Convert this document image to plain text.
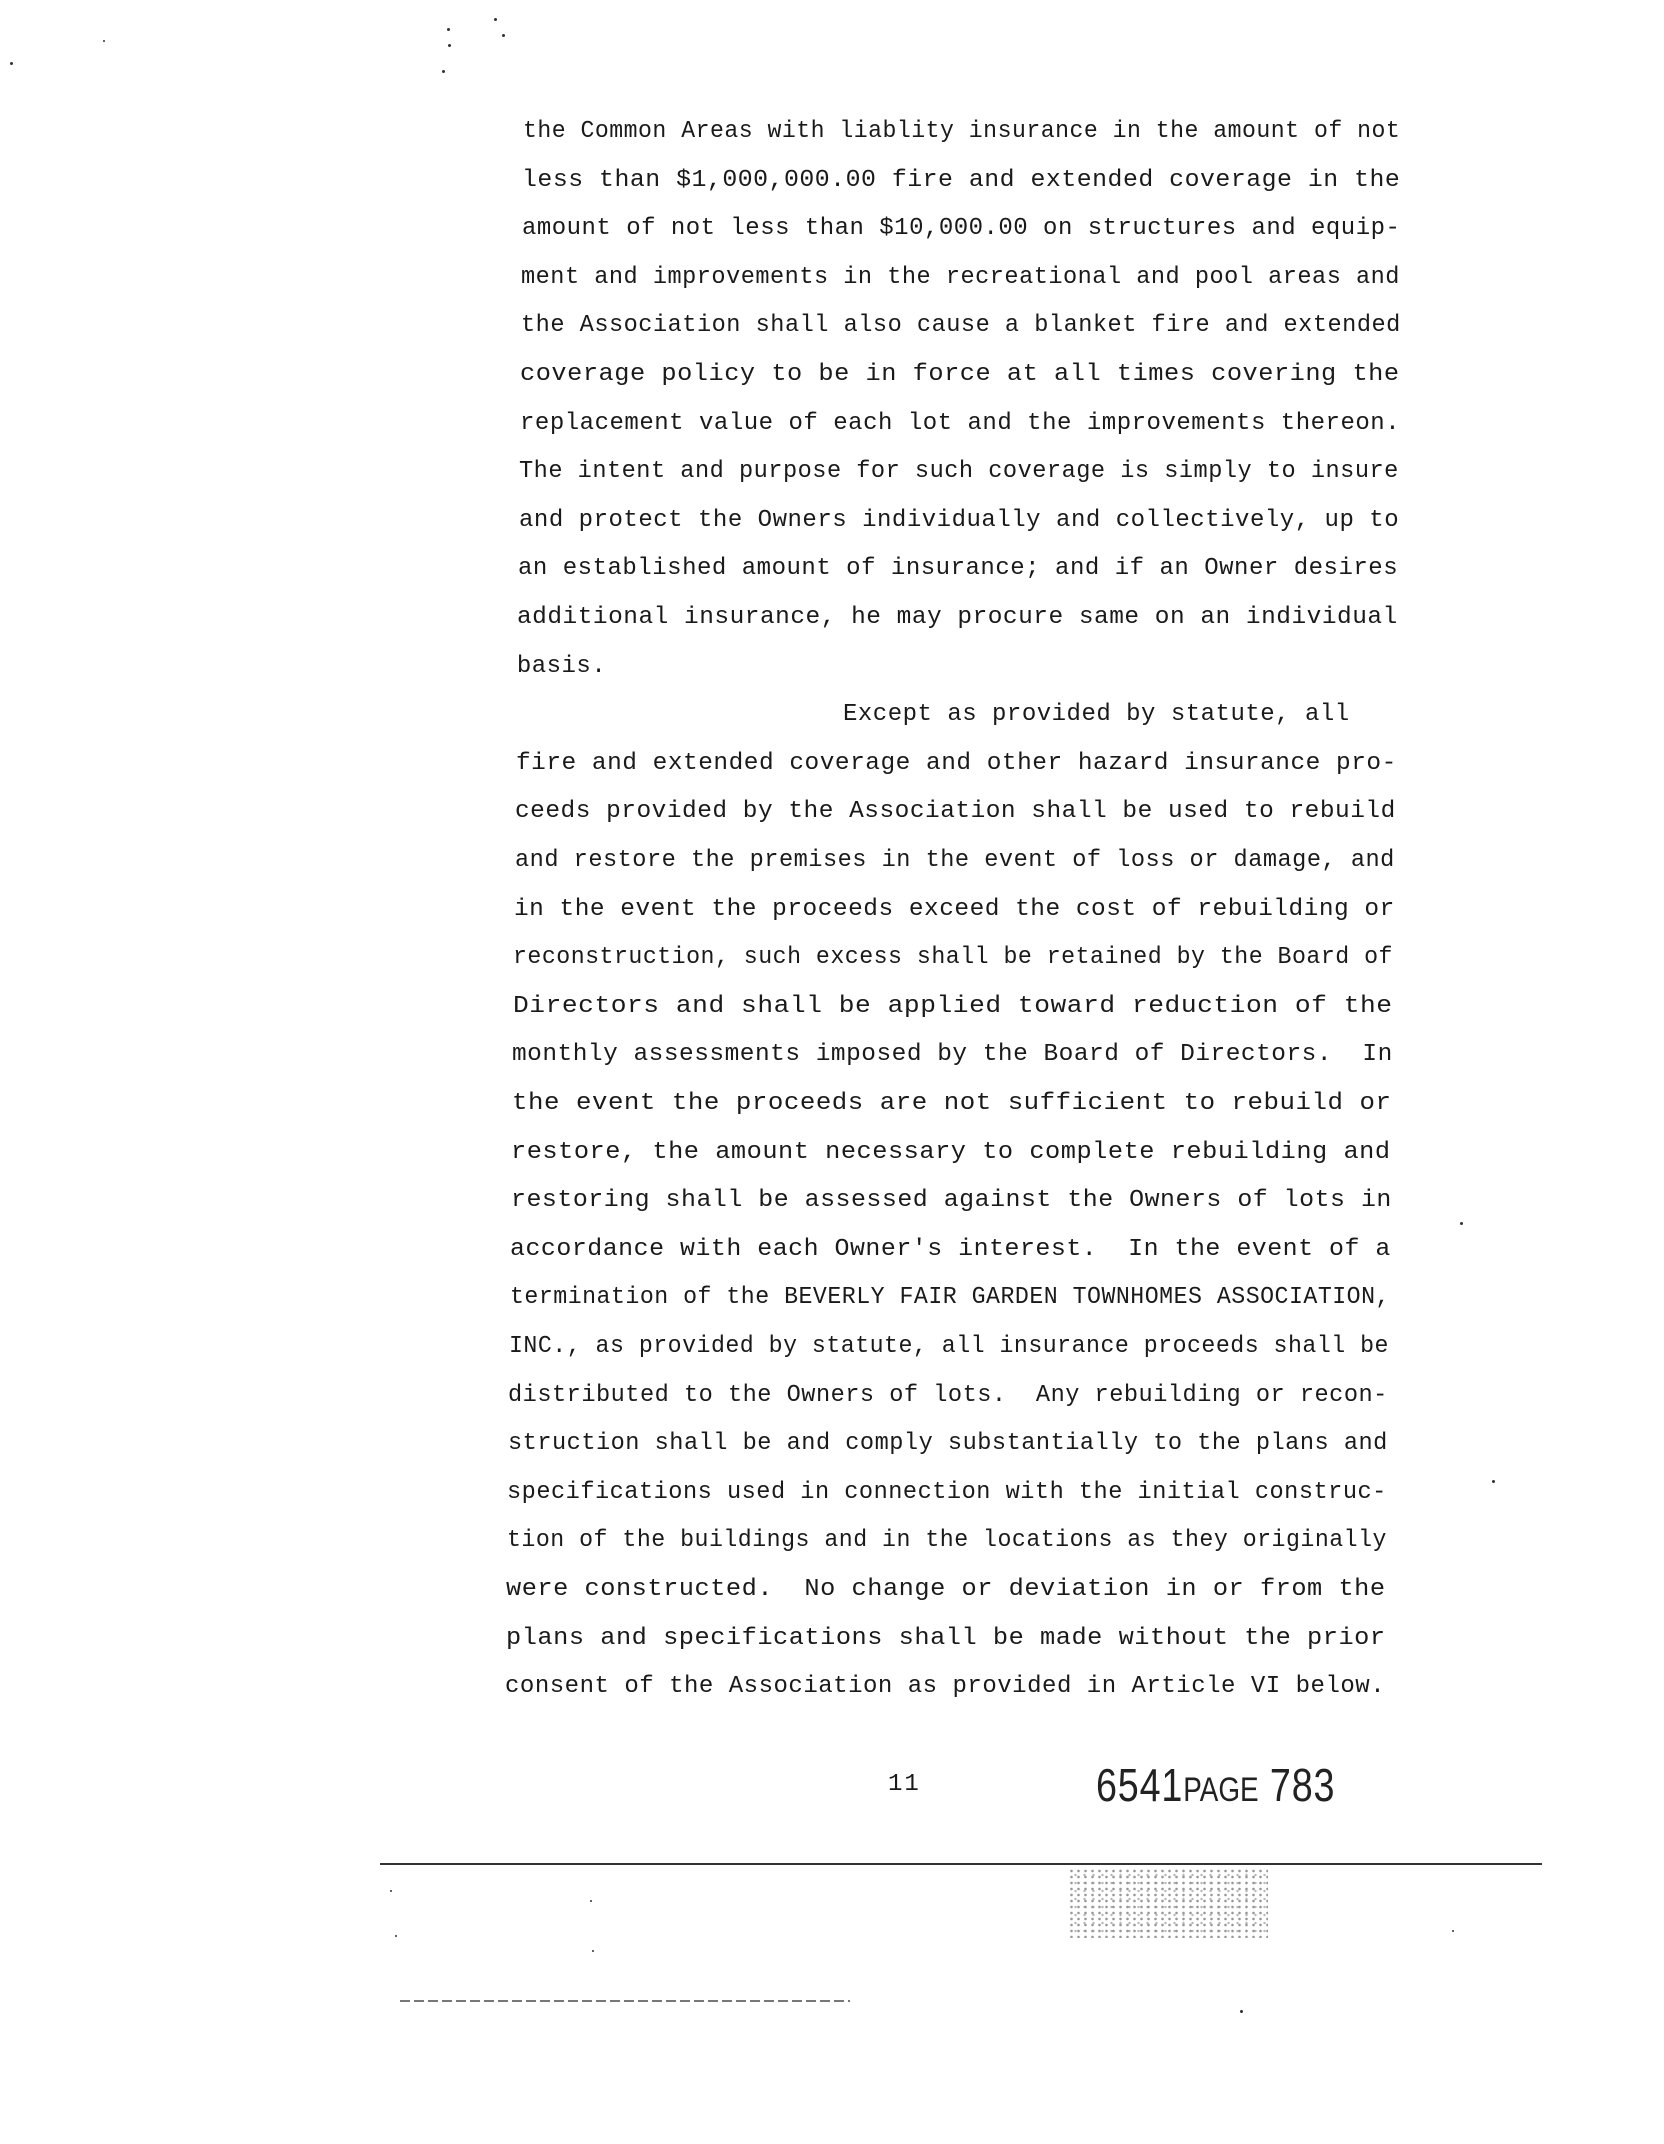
the Common Areas with liablity insurance in the amount of not
less than $1,000,000.00 fire and extended coverage in the
amount of not less than $10,000.00 on structures and equip-
ment and improvements in the recreational and pool areas and
the Association shall also cause a blanket fire and extended
coverage policy to be in force at all times covering the
replacement value of each lot and the improvements thereon.
The intent and purpose for such coverage is simply to insure
and protect the Owners individually and collectively, up to
an established amount of insurance; and if an Owner desires
additional insurance, he may procure same on an individual
basis.
Except as provided by statute, all
fire and extended coverage and other hazard insurance pro-
ceeds provided by the Association shall be used to rebuild
and restore the premises in the event of loss or damage, and
in the event the proceeds exceed the cost of rebuilding or
reconstruction, such excess shall be retained by the Board of
Directors and shall be applied toward reduction of the
monthly assessments imposed by the Board of Directors.  In
the event the proceeds are not sufficient to rebuild or
restore, the amount necessary to complete rebuilding and
restoring shall be assessed against the Owners of lots in
accordance with each Owner's interest.  In the event of a
termination of the BEVERLY FAIR GARDEN TOWNHOMES ASSOCIATION,
INC., as provided by statute, all insurance proceeds shall be
distributed to the Owners of lots.  Any rebuilding or recon-
struction shall be and comply substantially to the plans and
specifications used in connection with the initial construc-
tion of the buildings and in the locations as they originally
were constructed.  No change or deviation in or from the
plans and specifications shall be made without the prior
consent of the Association as provided in Article VI below.
11	6541PAGE 783
